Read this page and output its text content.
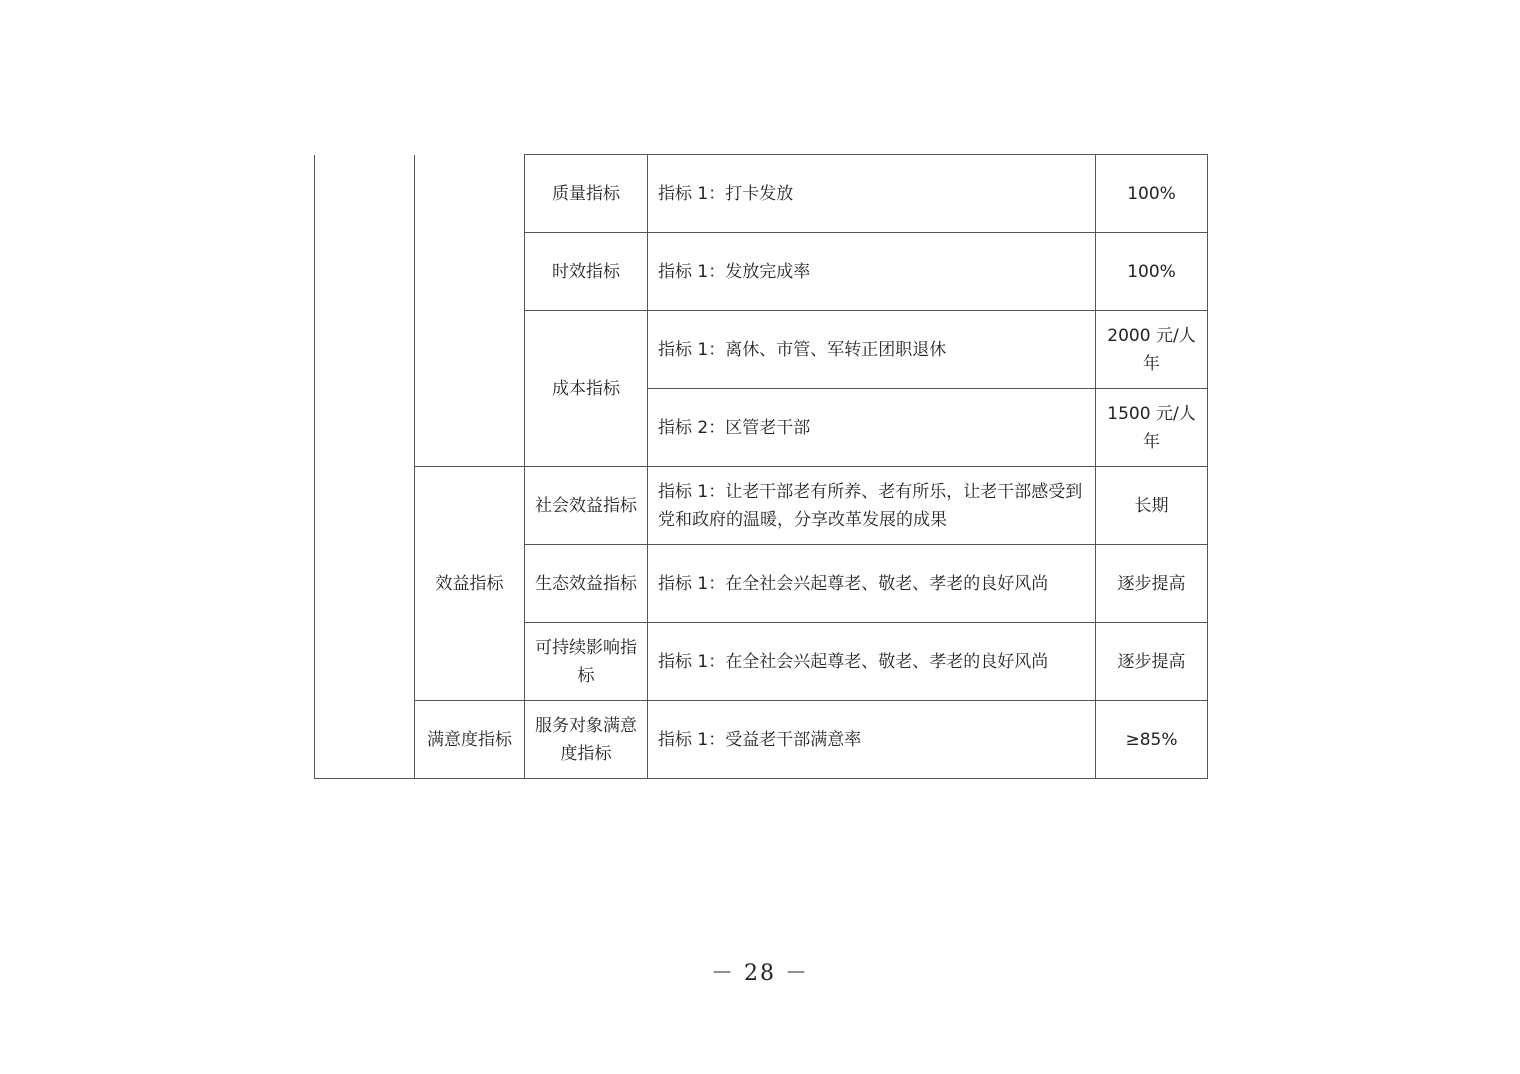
		质量指标	指标 1：打卡发放	100%
		时效指标	指标 1：发放完成率	100%
		成本指标	指标 1：离休、市管、军转正团职退休	2000 元/人年
			指标 2：区管老干部	1500 元/人年
	效益指标	社会效益指标	指标 1：让老干部老有所养、老有所乐，让老干部感受到党和政府的温暖，分享改革发展的成果	长期
		生态效益指标	指标 1：在全社会兴起尊老、敬老、孝老的良好风尚	逐步提高
		可持续影响指标	指标 1：在全社会兴起尊老、敬老、孝老的良好风尚	逐步提高
	满意度指标	服务对象满意度指标	指标 1：受益老干部满意率	≥85%
－ 28 －
